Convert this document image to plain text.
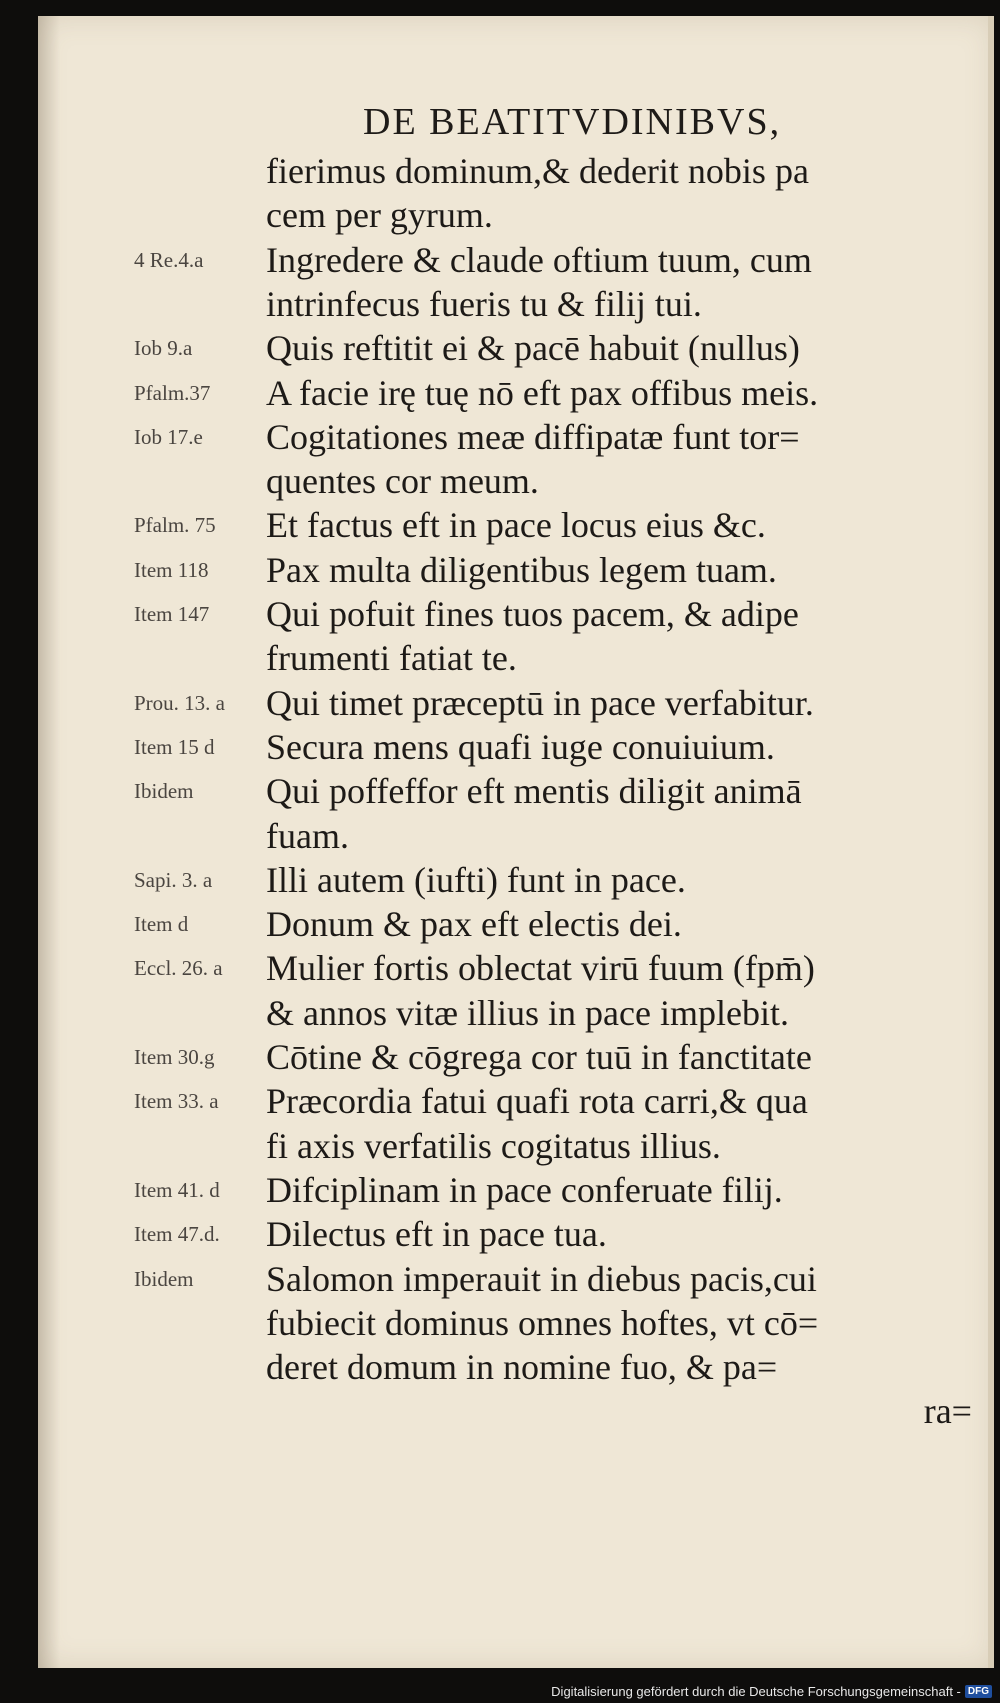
DE BEATITVDINIBVS,
fierimus dominum,& dederit nobis pa
cem per gyrum.
4 Re.4.a Ingredere & claude oftium tuum, cum
intrinfecus fueris tu & filij tui.
Iob 9.a Quis reftitit ei & pacē habuit (nullus)
Pfalm.37 A facie irę tuę nō eft pax offibus meis.
Iob 17.e Cogitationes meæ diffipatæ funt tor=
quentes cor meum.
Pfalm. 75 Et factus eft in pace locus eius &c.
Item 118 Pax multa diligentibus legem tuam.
Item 147 Qui pofuit fines tuos pacem, & adipe
frumenti fatiat te.
Prou. 13. a Qui timet præceptū in pace verfabitur.
Item 15 d Secura mens quafi iuge conuiuium.
Ibidem Qui poffeffor eft mentis diligit animā
fuam.
Sapi. 3. a Illi autem (iufti) funt in pace.
Item d Donum & pax eft electis dei.
Eccl. 26. a Mulier fortis oblectat virū fuum (fpm̄)
& annos vitæ illius in pace implebit.
Item 30.g Cōtine & cōgrega cor tuū in fanctitate
Item 33. a Præcordia fatui quafi rota carri,& qua
fi axis verfatilis cogitatus illius.
Item 41. d Difciplinam in pace conferuate filij.
Item 47.d. Dilectus eft in pace tua.
Ibidem Salomon imperauit in diebus pacis,cui
fubiecit dominus omnes hoftes, vt cō=
deret domum in nomine fuo, & pa=
ra=
Digitalisierung gefördert durch die Deutsche Forschungsgemeinschaft - DFG
